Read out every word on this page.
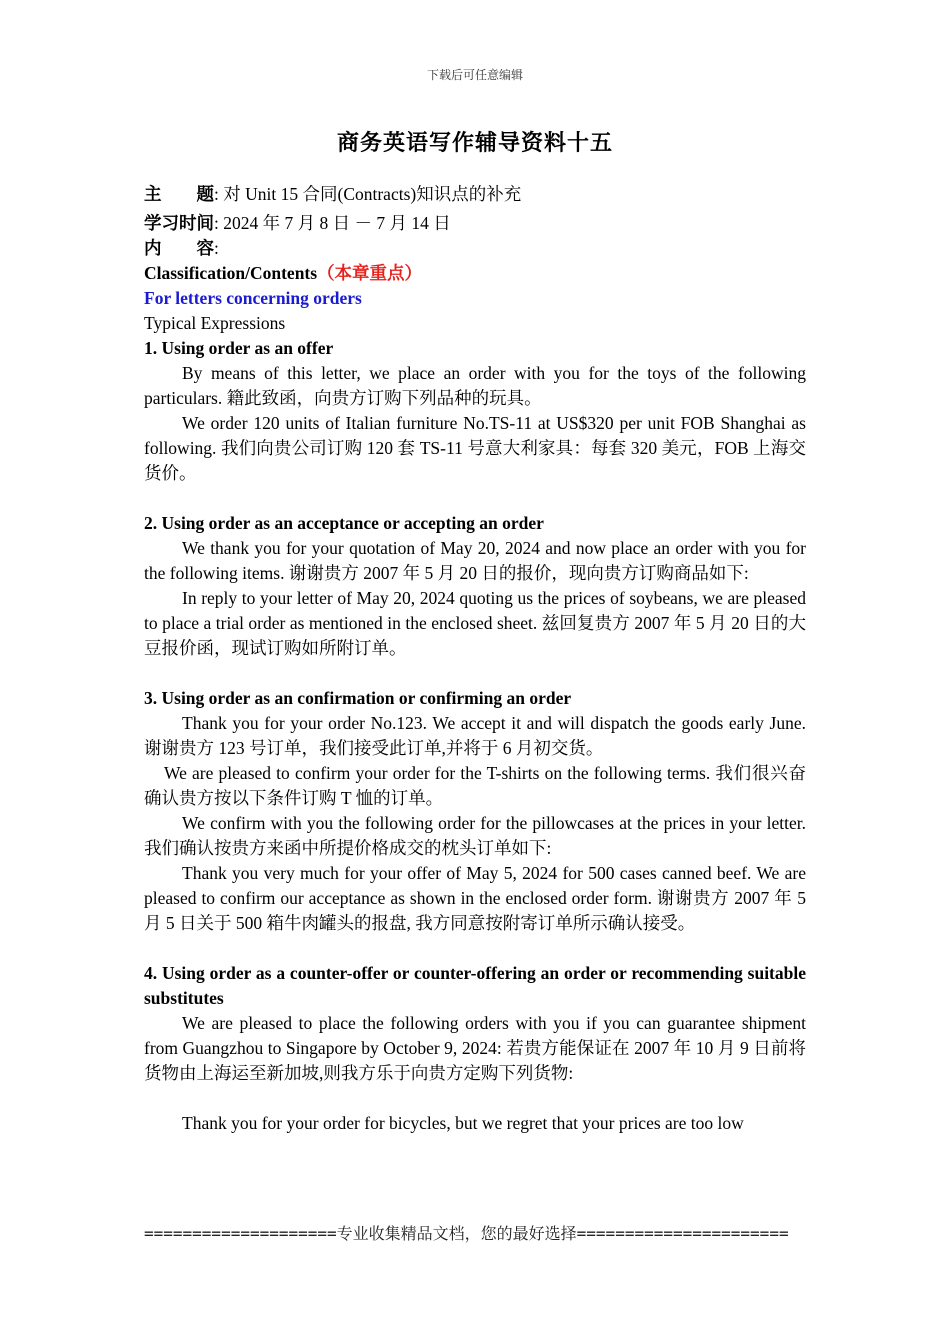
下载后可任意编辑
商务英语写作辅导资料十五
主　　题: 对 Unit 15 合同(Contracts)知识点的补充
学习时间: 2024 年 7 月 8 日 － 7 月 14 日
内　　容:
Classification/Contents（本章重点）
For letters concerning orders
Typical Expressions
1. Using order as an offer

By means of this letter, we place an order with you for the toys of the following particulars. 籍此致函，向贵方订购下列品种的玩具。

We order 120 units of Italian furniture No.TS-11 at US$320 per unit FOB Shanghai as following. 我们向贵公司订购 120 套 TS-11 号意大利家具：每套 320 美元，FOB 上海交货价。

2. Using order as an acceptance or accepting an order

We thank you for your quotation of May 20, 2024 and now place an order with you for the following items. 谢谢贵方 2007 年 5 月 20 日的报价，现向贵方订购商品如下:

In reply to your letter of May 20, 2024 quoting us the prices of soybeans, we are pleased to place a trial order as mentioned in the enclosed sheet. 兹回复贵方 2007 年 5 月 20 日的大豆报价函，现试订购如所附订单。

3. Using order as an confirmation or confirming an order

Thank you for your order No.123. We accept it and will dispatch the goods early June. 谢谢贵方 123 号订单，我们接受此订单,并将于 6 月初交货。

We are pleased to confirm your order for the T-shirts on the following terms. 我们很兴奋确认贵方按以下条件订购 T 恤的订单。

We confirm with you the following order for the pillowcases at the prices in your letter. 我们确认按贵方来函中所提价格成交的枕头订单如下:

Thank you very much for your offer of May 5, 2024 for 500 cases canned beef. We are pleased to confirm our acceptance as shown in the enclosed order form. 谢谢贵方 2007 年 5 月 5 日关于 500 箱牛肉罐头的报盘, 我方同意按附寄订单所示确认接受。

4. Using order as a counter-offer or counter-offering an order or recommending suitable substitutes

We are pleased to place the following orders with you if you can guarantee shipment from Guangzhou to Singapore by October 9, 2024: 若贵方能保证在 2007 年 10 月 9 日前将货物由上海运至新加坡,则我方乐于向贵方定购下列货物:

Thank you for your order for bicycles, but we regret that your prices are too low

====================专业收集精品文档，您的最好选择======================
